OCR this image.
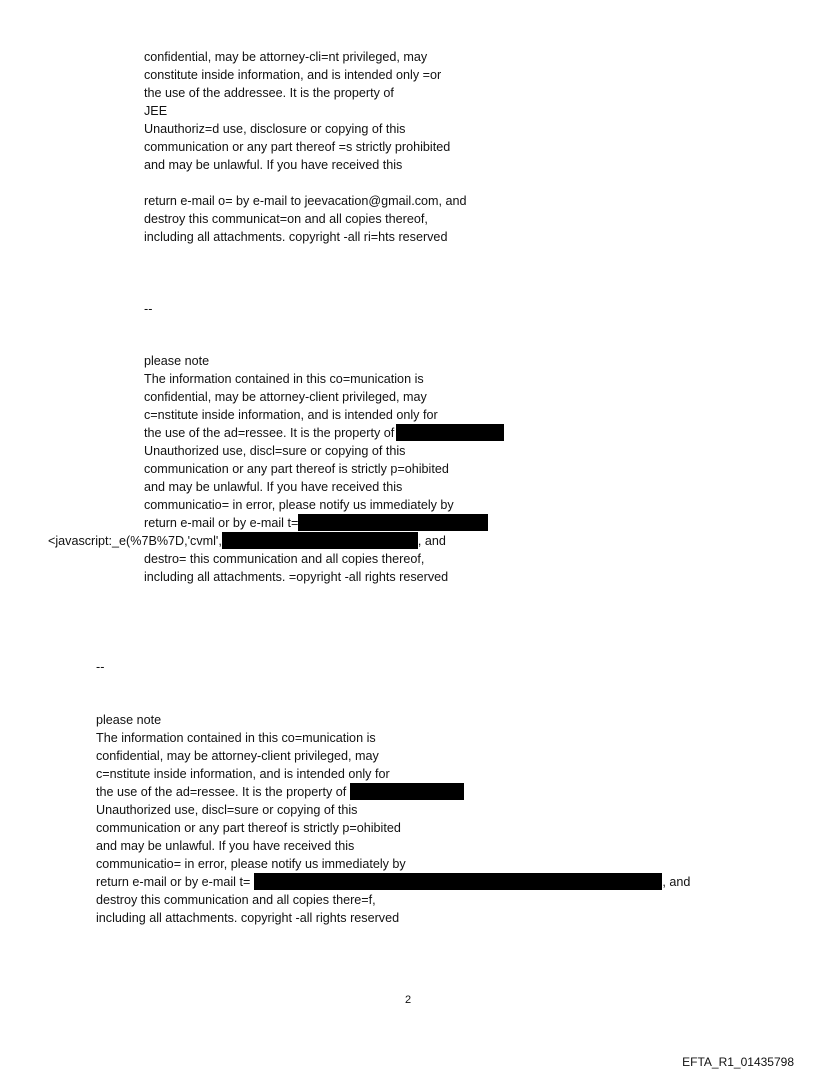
confidential, may be attorney-cli=nt privileged, may
constitute inside information, and is intended only =or
the use of the addressee. It is the property of
JEE
Unauthoriz=d use, disclosure or copying of this
communication or any part thereof =s strictly prohibited
and may be unlawful. If you have received this
return e-mail o= by e-mail to jeevacation@gmail.com, and
destroy this communicat=on and all copies thereof,
including all attachments. copyright -all ri=hts reserved
--
please note
The information contained in this co=munication is
confidential, may be attorney-client privileged, may
c=nstitute inside information, and is intended only for
the use of the ad=ressee. It is the property of
Unauthorized use, discl=sure or copying of this
communication or any part thereof is strictly p=ohibited
and may be unlawful. If you have received this
communicatio= in error, please notify us immediately by
return e-mail or by e-mail t=
<javascript:_e(%7B%7D,'cvml',	, and
destro= this communication and all copies thereof,
including all attachments. =opyright -all rights reserved
--
please note
The information contained in this co=munication is
confidential, may be attorney-client privileged, may
c=nstitute inside information, and is intended only for
the use of the ad=ressee. It is the property of
Unauthorized use, discl=sure or copying of this
communication or any part thereof is strictly p=ohibited
and may be unlawful. If you have received this
communicatio= in error, please notify us immediately by
return e-mail or by e-mail t=	, and
destroy this communication and all copies there=f,
including all attachments. copyright -all rights reserved
2
EFTA_R1_01435798
